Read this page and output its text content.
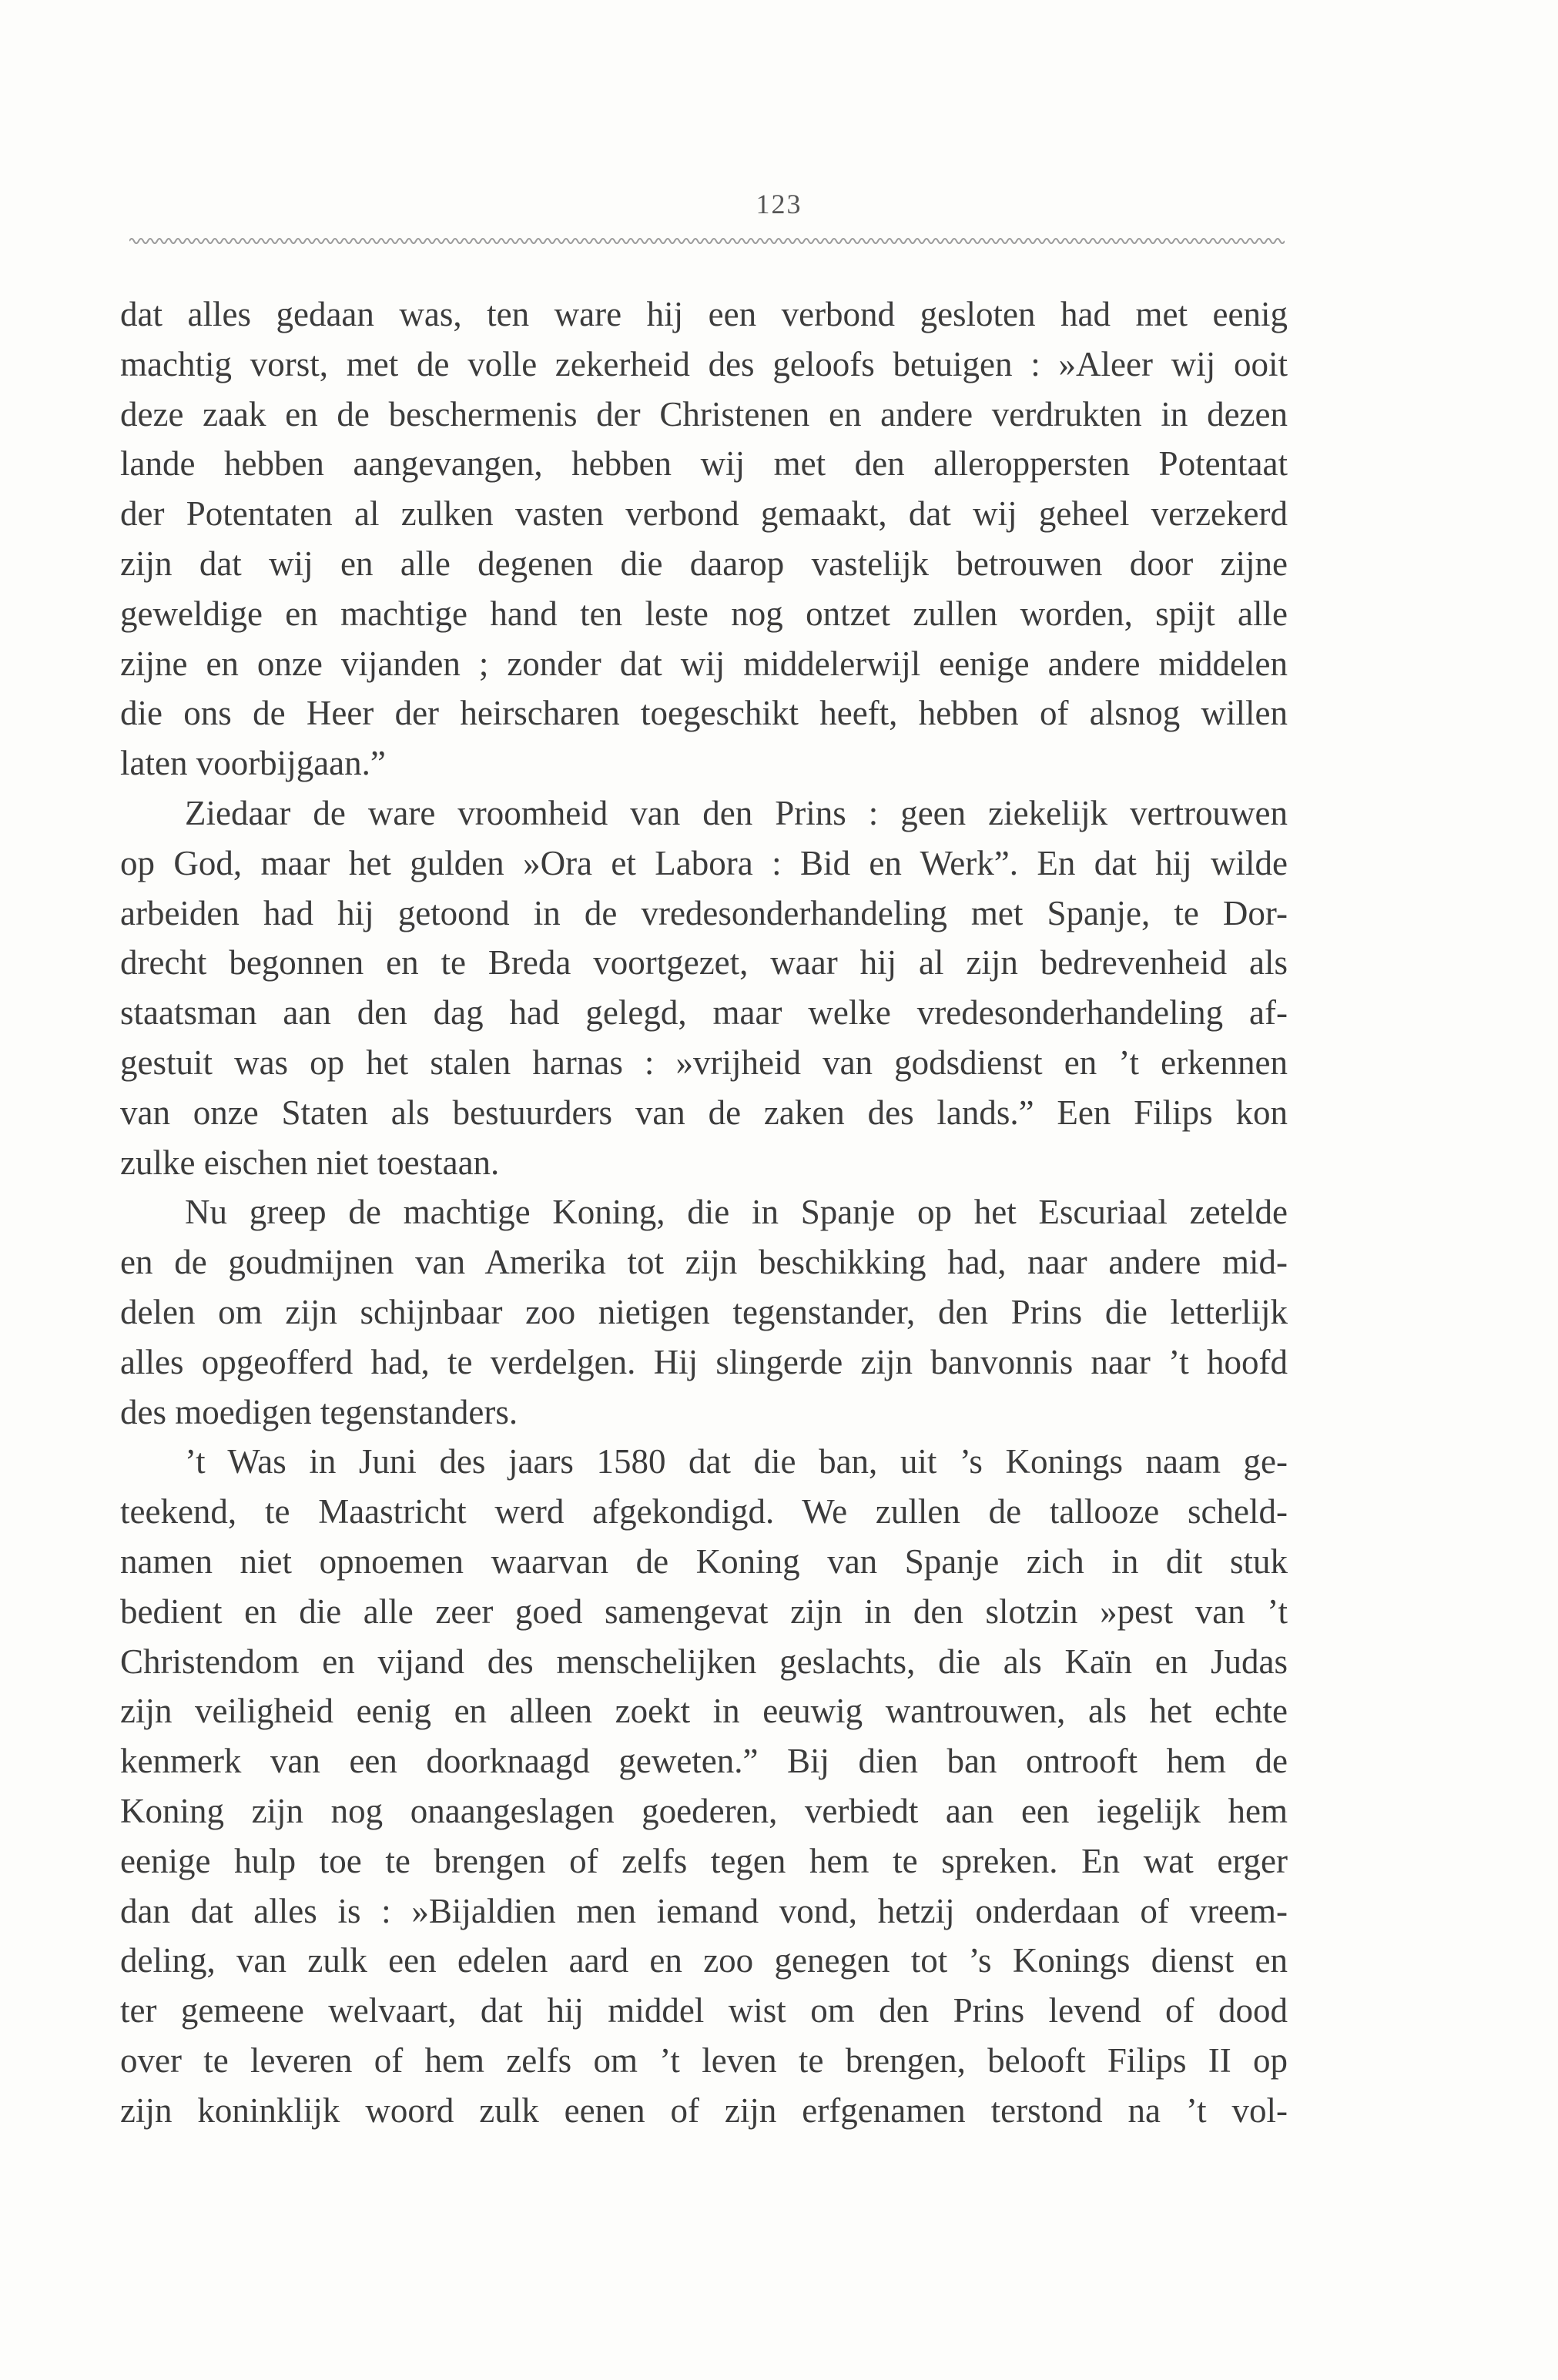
123
dat alles gedaan was, ten ware hij een verbond gesloten had met eenig
machtig vorst, met de volle zekerheid des geloofs betuigen : »Aleer wij ooit
deze zaak en de beschermenis der Christenen en andere verdrukten in dezen
lande hebben aangevangen, hebben wij met den alleroppersten Potentaat
der Potentaten al zulken vasten verbond gemaakt, dat wij geheel verzekerd
zijn dat wij en alle degenen die daarop vastelijk betrouwen door zijne
geweldige en machtige hand ten leste nog ontzet zullen worden, spijt alle
zijne en onze vijanden ; zonder dat wij middelerwijl eenige andere middelen
die ons de Heer der heirscharen toegeschikt heeft, hebben of alsnog willen
laten voorbijgaan.”
Ziedaar de ware vroomheid van den Prins : geen ziekelijk vertrouwen
op God, maar het gulden »Ora et Labora : Bid en Werk”. En dat hij wilde
arbeiden had hij getoond in de vredesonderhandeling met Spanje, te Dor-
drecht begonnen en te Breda voortgezet, waar hij al zijn bedrevenheid als
staatsman aan den dag had gelegd, maar welke vredesonderhandeling af-
gestuit was op het stalen harnas : »vrijheid van godsdienst en ’t erkennen
van onze Staten als bestuurders van de zaken des lands.” Een Filips kon
zulke eischen niet toestaan.
Nu greep de machtige Koning, die in Spanje op het Escuriaal zetelde
en de goudmijnen van Amerika tot zijn beschikking had, naar andere mid-
delen om zijn schijnbaar zoo nietigen tegenstander, den Prins die letterlijk
alles opgeofferd had, te verdelgen. Hij slingerde zijn banvonnis naar ’t hoofd
des moedigen tegenstanders.
’t Was in Juni des jaars 1580 dat die ban, uit ’s Konings naam ge-
teekend, te Maastricht werd afgekondigd. We zullen de tallooze scheld-
namen niet opnoemen waarvan de Koning van Spanje zich in dit stuk
bedient en die alle zeer goed samengevat zijn in den slotzin »pest van ’t
Christendom en vijand des menschelijken geslachts, die als Kaïn en Judas
zijn veiligheid eenig en alleen zoekt in eeuwig wantrouwen, als het echte
kenmerk van een doorknaagd geweten.” Bij dien ban ontrooft hem de
Koning zijn nog onaangeslagen goederen, verbiedt aan een iegelijk hem
eenige hulp toe te brengen of zelfs tegen hem te spreken. En wat erger
dan dat alles is : »Bijaldien men iemand vond, hetzij onderdaan of vreem-
deling, van zulk een edelen aard en zoo genegen tot ’s Konings dienst en
ter gemeene welvaart, dat hij middel wist om den Prins levend of dood
over te leveren of hem zelfs om ’t leven te brengen, belooft Filips II op
zijn koninklijk woord zulk eenen of zijn erfgenamen terstond na ’t vol-
